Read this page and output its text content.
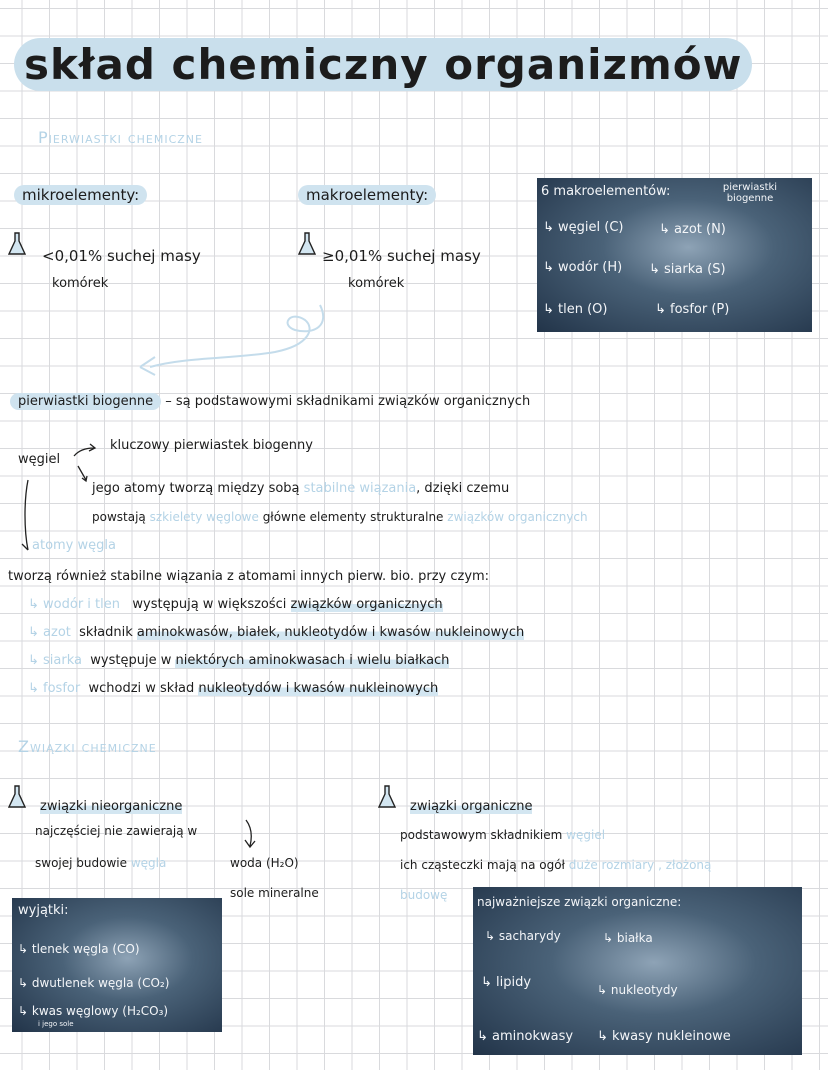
skład chemiczny organizmów
Pierwiastki chemiczne
mikroelementy:
<0,01% suchej masy
komórek
makroelementy:
≥0,01% suchej masy
komórek
6 makroelementów:	pierwiastki biogenne
↳ węgiel (C)	↳ azot (N)
↳ wodór (H) ↳ siarka (S)
↳ tlen (O)	↳ fosfor (P)
pierwiastki biogenne – są podstawowymi składnikami związków organicznych
węgiel
kluczowy pierwiastek biogenny
jego atomy tworzą między sobą stabilne wiązania, dzięki czemu
powstają szkielety węglowe główne elementy strukturalne związków organicznych
atomy węgla
tworzą również stabilne wiązania z atomami innych pierw. bio. przy czym:
↳ wodór i tlen występują w większości związków organicznych
↳ azot składnik aminokwasów, białek, nukleotydów i kwasów nukleinowych
↳ siarka występuje w niektórych aminokwasach i wielu białkach
↳ fosfor wchodzi w skład nukleotydów i kwasów nukleinowych
Związki chemiczne
związki nieorganiczne
najczęściej nie zawierają w
swojej budowie węgla	woda (H₂O)
sole mineralne
wyjątki:
↳ tlenek węgla (CO)
↳ dwutlenek węgla (CO₂)
↳ kwas węglowy (H₂CO₃)
i jego sole
związki organiczne
podstawowym składnikiem węgiel
ich cząsteczki mają na ogół duże rozmiary , złożoną
budowę najważniejsze związki organiczne:
↳ sacharydy	↳ białka
↳ lipidy	↳ nukleotydy
↳ aminokwasy ↳ kwasy nukleinowe
